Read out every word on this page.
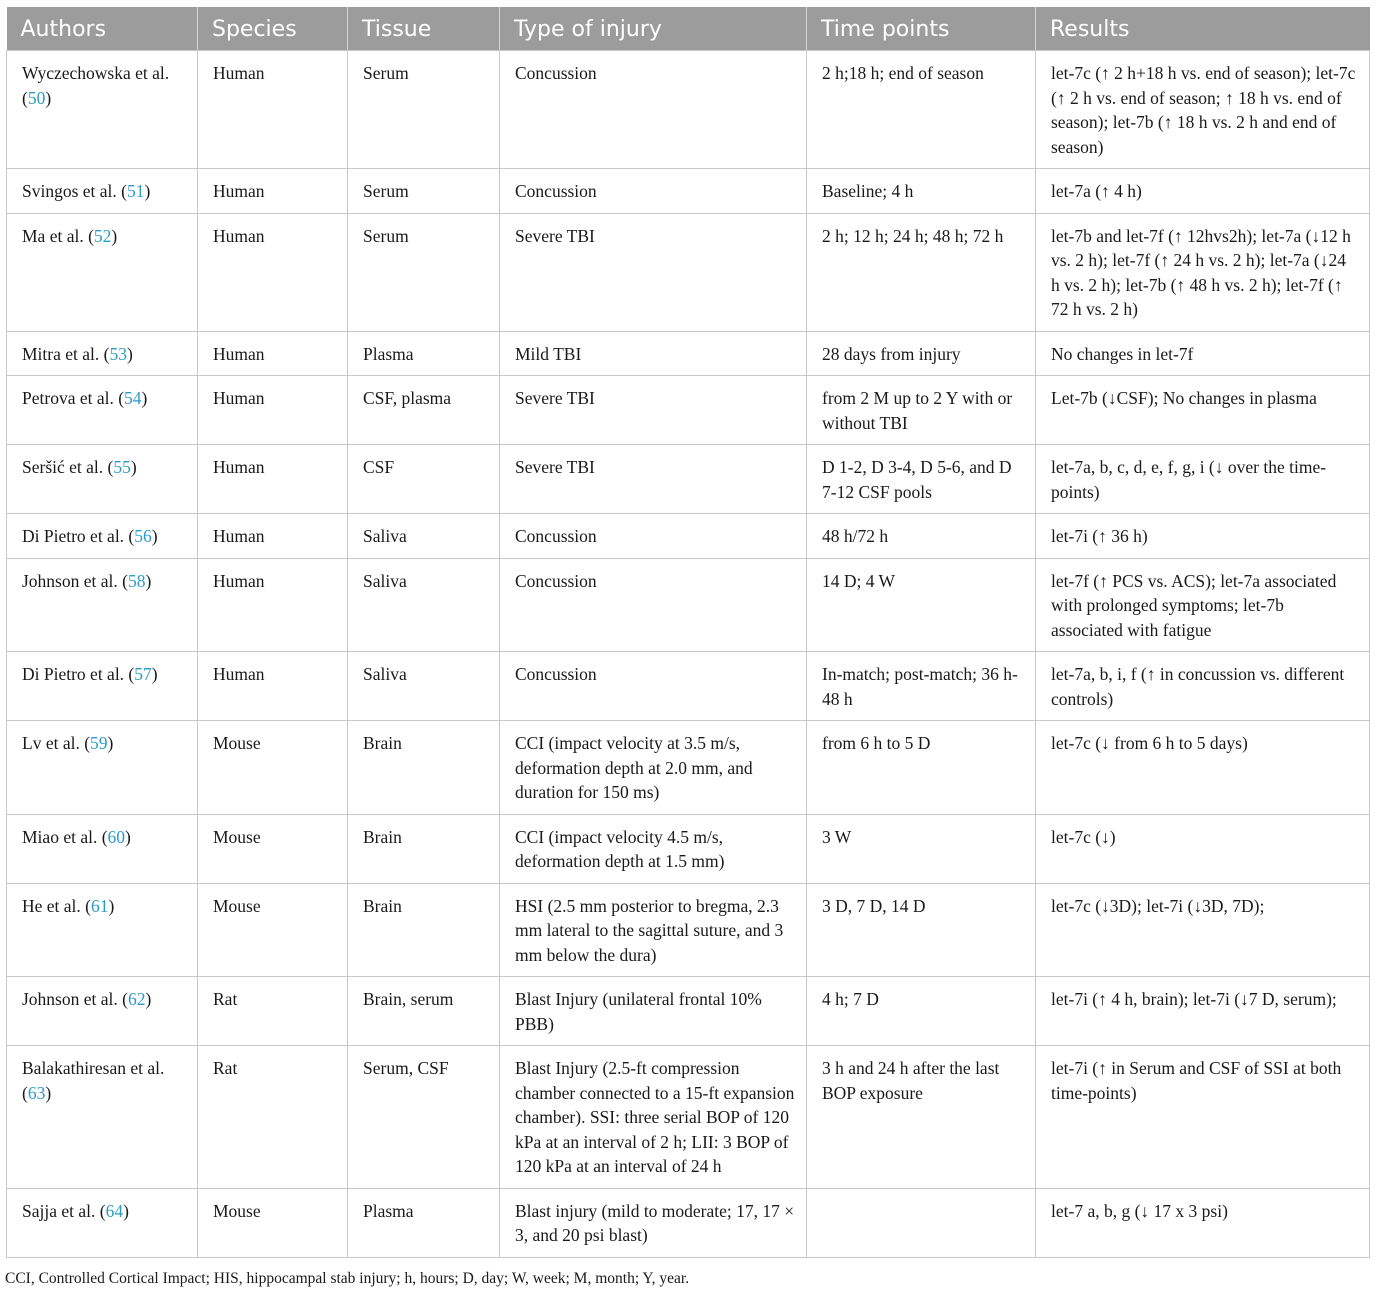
Authors	Species	Tissue	Type of injury	Time points	Results
Wyczechowska et al. (50)	Human	Serum	Concussion	2 h;18 h; end of season	let-7c (↑ 2 h+18 h vs. end of season); let-7c (↑ 2 h vs. end of season; ↑ 18 h vs. end of season); let-7b (↑ 18 h vs. 2 h and end of season)
Svingos et al. (51)	Human	Serum	Concussion	Baseline; 4 h	let-7a (↑ 4 h)
Ma et al. (52)	Human	Serum	Severe TBI	2 h; 12 h; 24 h; 48 h; 72 h	let-7b and let-7f (↑ 12hvs2h); let-7a (↓12 h vs. 2 h); let-7f (↑ 24 h vs. 2 h); let-7a (↓24 h vs. 2 h); let-7b (↑ 48 h vs. 2 h); let-7f (↑ 72 h vs. 2 h)
Mitra et al. (53)	Human	Plasma	Mild TBI	28 days from injury	No changes in let-7f
Petrova et al. (54)	Human	CSF, plasma	Severe TBI	from 2 M up to 2 Y with or without TBI	Let-7b (↓CSF); No changes in plasma
Seršić et al. (55)	Human	CSF	Severe TBI	D 1-2, D 3-4, D 5-6, and D 7-12 CSF pools	let-7a, b, c, d, e, f, g, i (↓ over the time-points)
Di Pietro et al. (56)	Human	Saliva	Concussion	48 h/72 h	let-7i (↑ 36 h)
Johnson et al. (58)	Human	Saliva	Concussion	14 D; 4 W	let-7f (↑ PCS vs. ACS); let-7a associated with prolonged symptoms; let-7b associated with fatigue
Di Pietro et al. (57)	Human	Saliva	Concussion	In-match; post-match; 36 h-48 h	let-7a, b, i, f (↑ in concussion vs. different controls)
Lv et al. (59)	Mouse	Brain	CCI (impact velocity at 3.5 m/s, deformation depth at 2.0 mm, and duration for 150 ms)	from 6 h to 5 D	let-7c (↓ from 6 h to 5 days)
Miao et al. (60)	Mouse	Brain	CCI (impact velocity 4.5 m/s, deformation depth at 1.5 mm)	3 W	let-7c (↓)
He et al. (61)	Mouse	Brain	HSI (2.5 mm posterior to bregma, 2.3 mm lateral to the sagittal suture, and 3 mm below the dura)	3 D, 7 D, 14 D	let-7c (↓3D); let-7i (↓3D, 7D);
Johnson et al. (62)	Rat	Brain, serum	Blast Injury (unilateral frontal 10% PBB)	4 h; 7 D	let-7i (↑ 4 h, brain); let-7i (↓7 D, serum);
Balakathiresan et al. (63)	Rat	Serum, CSF	Blast Injury (2.5-ft compression chamber connected to a 15-ft expansion chamber). SSI: three serial BOP of 120 kPa at an interval of 2 h; LII: 3 BOP of 120 kPa at an interval of 24 h	3 h and 24 h after the last BOP exposure	let-7i (↑ in Serum and CSF of SSI at both time-points)
Sajja et al. (64)	Mouse	Plasma	Blast injury (mild to moderate; 17, 17 × 3, and 20 psi blast)		let-7 a, b, g (↓ 17 x 3 psi)
CCI, Controlled Cortical Impact; HIS, hippocampal stab injury; h, hours; D, day; W, week; M, month; Y, year.
